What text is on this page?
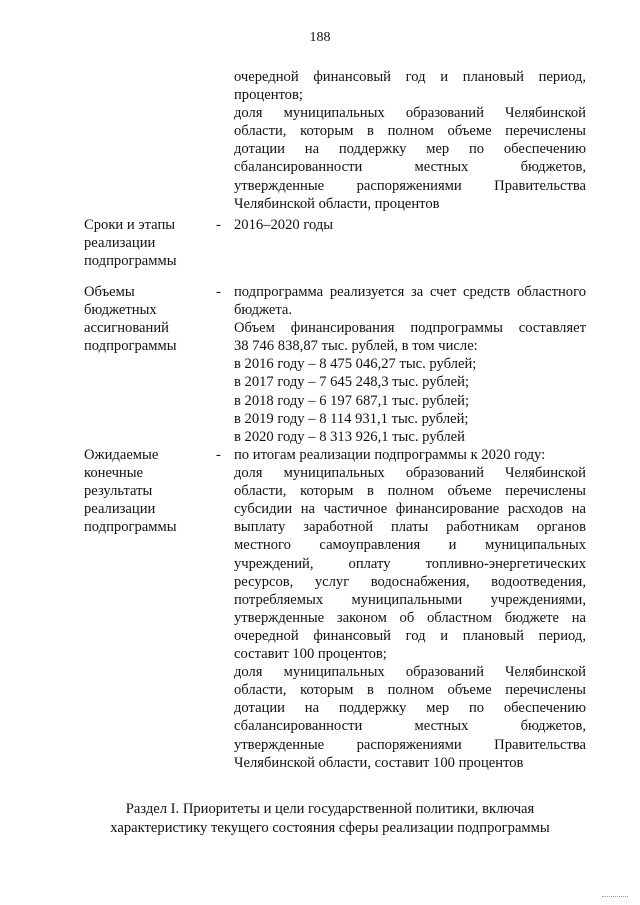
188
очередной финансовый год и плановый период,
процентов;
доля муниципальных образований Челябинской
области, которым в полном объеме перечислены
дотации на поддержку мер по обеспечению
сбалансированности местных бюджетов,
утвержденные распоряжениями Правительства
Челябинской области, процентов
Сроки и этапы
реализации
подпрограммы
- 2016–2020 годы
Объемы
бюджетных
ассигнований
подпрограммы
- подпрограмма реализуется за счет средств областного
бюджета.
Объем финансирования подпрограммы составляет
38 746 838,87 тыс. рублей, в том числе:
в 2016 году – 8 475 046,27 тыс. рублей;
в 2017 году – 7 645 248,3 тыс. рублей;
в 2018 году – 6 197 687,1 тыс. рублей;
в 2019 году – 8 114 931,1 тыс. рублей;
в 2020 году – 8 313 926,1 тыс. рублей
Ожидаемые
конечные
результаты
реализации
подпрограммы
- по итогам реализации подпрограммы к 2020 году:
доля муниципальных образований Челябинской
области, которым в полном объеме перечислены
субсидии на частичное финансирование расходов на
выплату заработной платы работникам органов
местного самоуправления и муниципальных
учреждений, оплату топливно-энергетических
ресурсов, услуг водоснабжения, водоотведения,
потребляемых муниципальными учреждениями,
утвержденные законом об областном бюджете на
очередной финансовый год и плановый период,
составит 100 процентов;
доля муниципальных образований Челябинской
области, которым в полном объеме перечислены
дотации на поддержку мер по обеспечению
сбалансированности местных бюджетов,
утвержденные распоряжениями Правительства
Челябинской области, составит 100 процентов
Раздел I. Приоритеты и цели государственной политики, включая
характеристику текущего состояния сферы реализации подпрограммы
